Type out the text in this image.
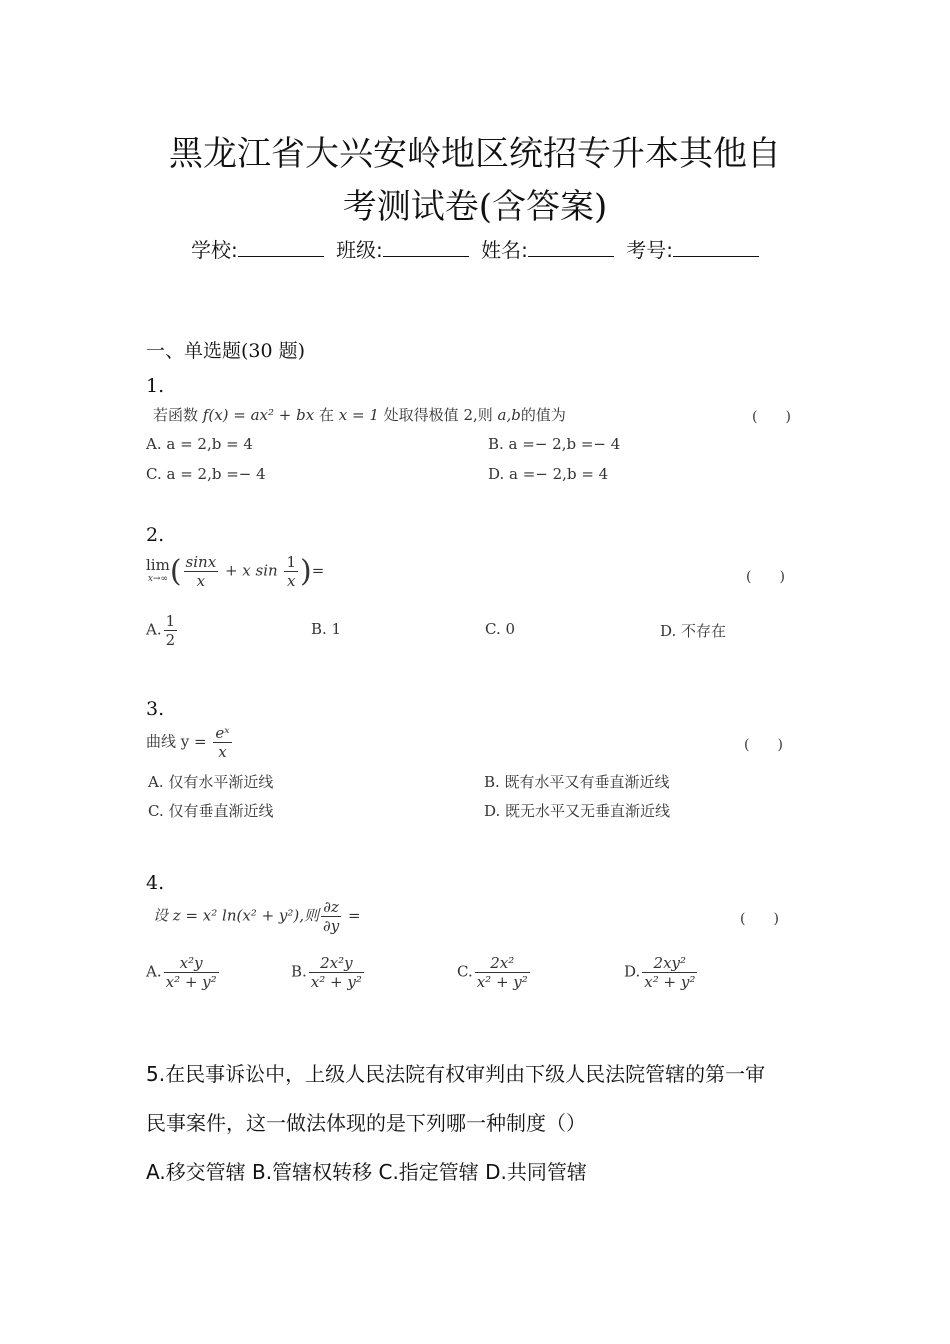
黑龙江省大兴安岭地区统招专升本其他自
考测试卷(含答案)
学校:	班级:	姓名:	考号:
一、单选题(30 题)
1.
若函数 f(x) = ax² + bx 在 x = 1 处取得极值 2,则 a,b的值为	(　　)
A. a = 2,b = 4	B. a =− 2,b =− 4
C. a = 2,b =− 4	D. a =− 2,b = 4
2.
lim
x→∞ ( $\frac{\sin x}{x} + x$ $\sin \frac{1}{x}$ )=	(　　)
A. $\frac{1}{2}$	B. 1	C. 0	D. 不存在
3.
曲线 $y = \frac{\text{eˣ}}{x}$	(　　)
A. 仅有水平渐近线	B. 既有水平又有垂直渐近线
C. 仅有垂直渐近线	D. 既无水平又无垂直渐近线
4.
设 z = x² ln(x² + y²),则 $\frac{\partial z}{\partial y}$ =	(　　)
A. $\frac{\text{x²y}}{\text{x² + y²}}$	B. $\frac{\text{2x²y}}{\text{x² + y²}}$	C. $\frac{\text{2x²}}{\text{x² + y²}}$	D. $\frac{\text{2xy²}}{\text{x² + y²}}$
5.在民事诉讼中，上级人民法院有权审判由下级人民法院管辖的第一审
民事案件，这一做法体现的是下列哪一种制度（）
A.移交管辖 B.管辖权转移 C.指定管辖 D.共同管辖
